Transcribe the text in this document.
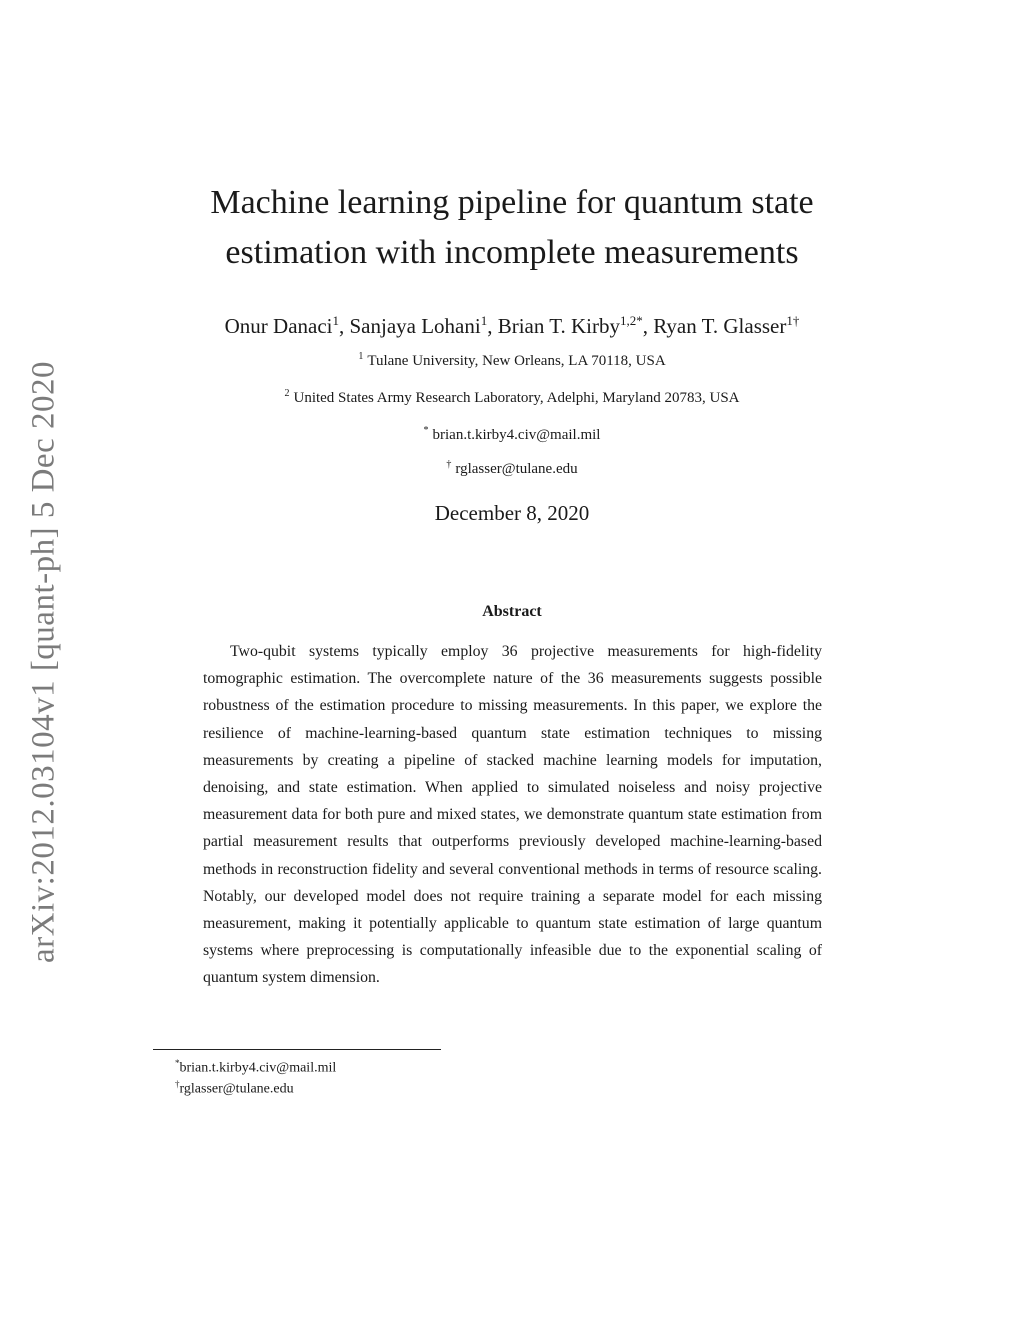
arXiv:2012.03104v1 [quant-ph] 5 Dec 2020
Machine learning pipeline for quantum state
estimation with incomplete measurements
Onur Danaci$^1$, Sanjaya Lohani$^1$, Brian T. Kirby$^{1,2*}$, Ryan T. Glasser$^{1\dagger}$
$^1$ Tulane University, New Orleans, LA 70118, USA
$^2$ United States Army Research Laboratory, Adelphi, Maryland 20783, USA
* brian.t.kirby4.civ@mail.mil
† rglasser@tulane.edu
December 8, 2020
Abstract

Two-qubit systems typically employ 36 projective measurements for high-fidelity tomographic estimation. The overcomplete nature of the 36 measurements suggests possible robustness of the estimation procedure to missing measurements. In this paper, we explore the resilience of machine-learning-based quantum state estimation techniques to missing measurements by creating a pipeline of stacked machine learning models for imputation, denoising, and state estimation. When applied to simulated noiseless and noisy projective measurement data for both pure and mixed states, we demonstrate quantum state estimation from partial measurement results that outperforms previously developed machine-learning-based methods in reconstruction fidelity and several conventional methods in terms of resource scaling. Notably, our developed model does not require training a separate model for each missing measurement, making it potentially applicable to quantum state estimation of large quantum systems where preprocessing is computationally infeasible due to the exponential scaling of quantum system dimension.

*brian.t.kirby4.civ@mail.mil
†rglasser@tulane.edu
